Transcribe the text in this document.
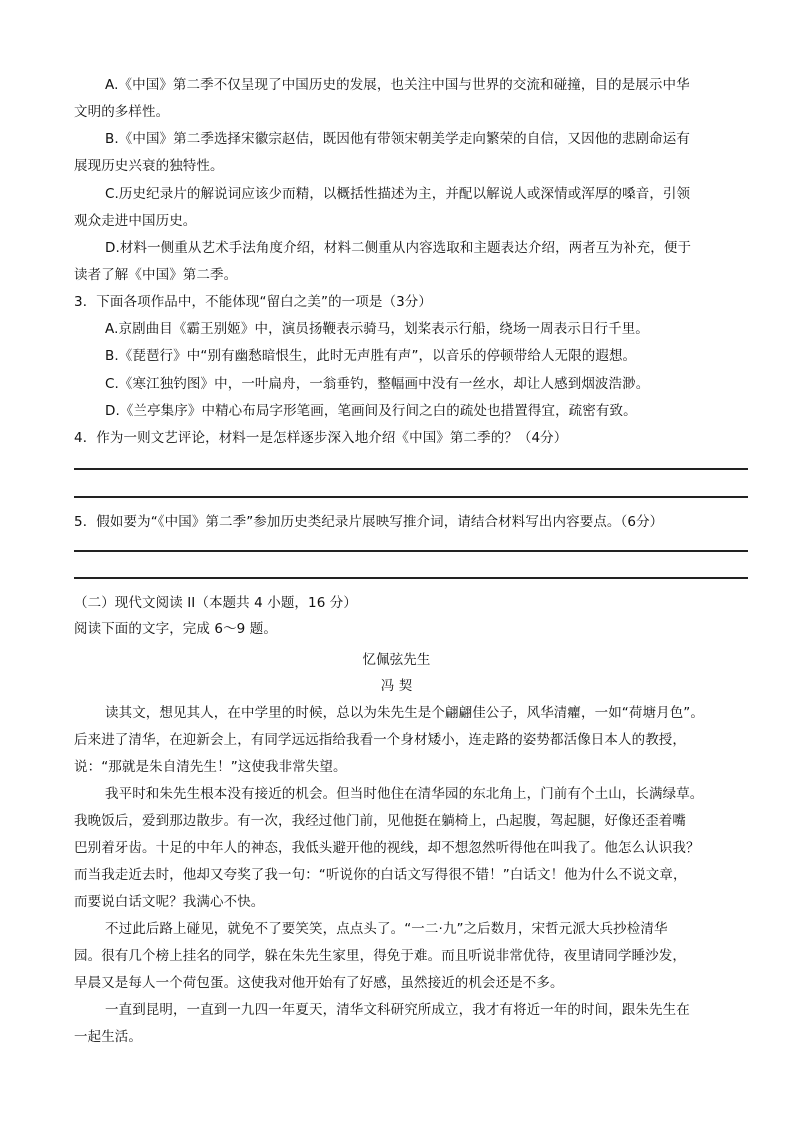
A.《中国》第二季不仅呈现了中国历史的发展，也关注中国与世界的交流和碰撞，目的是展示中华
文明的多样性。
B.《中国》第二季选择宋徽宗赵佶，既因他有带领宋朝美学走向繁荣的自信，又因他的悲剧命运有
展现历史兴衰的独特性。
C.历史纪录片的解说词应该少而精，以概括性描述为主，并配以解说人或深情或浑厚的嗓音，引领
观众走进中国历史。
D.材料一侧重从艺术手法角度介绍，材料二侧重从内容选取和主题表达介绍，两者互为补充，便于
读者了解《中国》第二季。
3．下面各项作品中，不能体现“留白之美”的一项是（3分）
A.京剧曲目《霸王别姬》中，演员扬鞭表示骑马，划桨表示行船，绕场一周表示日行千里。
B.《琵琶行》中“别有幽愁暗恨生，此时无声胜有声”，以音乐的停顿带给人无限的遐想。
C.《寒江独钓图》中，一叶扁舟，一翁垂钓，整幅画中没有一丝水，却让人感到烟波浩渺。
D.《兰亭集序》中精心布局字形笔画，笔画间及行间之白的疏处也措置得宜，疏密有致。
4．作为一则文艺评论，材料一是怎样逐步深入地介绍《中国》第二季的？（4分）
5．假如要为“《中国》第二季”参加历史类纪录片展映写推介词，请结合材料写出内容要点。（6分）
（二）现代文阅读 II（本题共 4 小题，16 分）
阅读下面的文字，完成 6～9 题。
忆佩弦先生
冯 契
读其文，想见其人，在中学里的时候，总以为朱先生是个翩翩佳公子，风华清癯，一如“荷塘月色”。
后来进了清华，在迎新会上，有同学远远指给我看一个身材矮小，连走路的姿势都活像日本人的教授，
说：“那就是朱自清先生！”这使我非常失望。
我平时和朱先生根本没有接近的机会。但当时他住在清华园的东北角上，门前有个土山，长满绿草。
我晚饭后，爱到那边散步。有一次，我经过他门前，见他挺在躺椅上，凸起腹，驾起腿，好像还歪着嘴
巴别着牙齿。十足的中年人的神态，我低头避开他的视线，却不想忽然听得他在叫我了。他怎么认识我？
而当我走近去时，他却又夸奖了我一句：“听说你的白话文写得很不错！”白话文！他为什么不说文章，
而要说白话文呢？我满心不快。
不过此后路上碰见，就免不了要笑笑，点点头了。“一二·九”之后数月，宋哲元派大兵抄检清华
园。很有几个榜上挂名的同学，躲在朱先生家里，得免于难。而且听说非常优待，夜里请同学睡沙发，
早晨又是每人一个荷包蛋。这使我对他开始有了好感，虽然接近的机会还是不多。
一直到昆明，一直到一九四一年夏天，清华文科研究所成立，我才有将近一年的时间，跟朱先生在
一起生活。
